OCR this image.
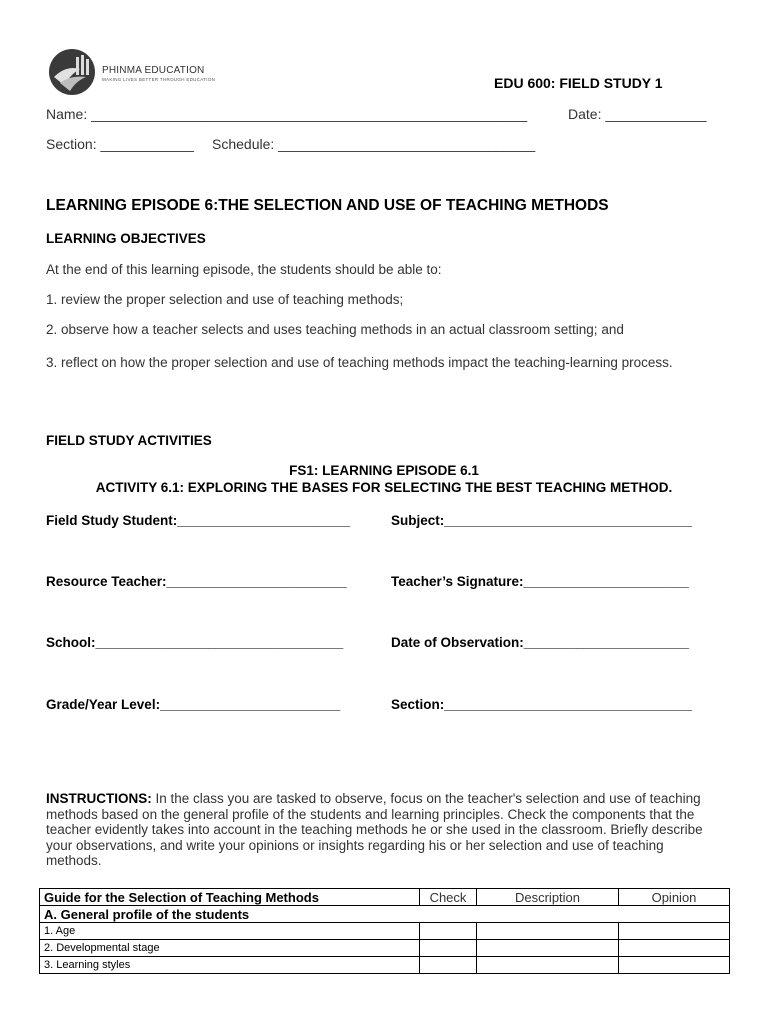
PHINMA EDUCATION
MAKING LIVES BETTER THROUGH EDUCATION	EDU 600: FIELD STUDY 1
Name: ________________________________________________________	Date: _____________
Section: ____________ Schedule: _________________________________
LEARNING EPISODE 6:THE SELECTION AND USE OF TEACHING METHODS
LEARNING OBJECTIVES
At the end of this learning episode, the students should be able to:
1. review the proper selection and use of teaching methods;
2. observe how a teacher selects and uses teaching methods in an actual classroom setting; and
3. reflect on how the proper selection and use of teaching methods impact the teaching-learning process.
FIELD STUDY ACTIVITIES
FS1: LEARNING EPISODE 6.1
ACTIVITY 6.1: EXPLORING THE BASES FOR SELECTING THE BEST TEACHING METHOD.
Field Study Student:_______________________	Subject:_________________________________
Resource Teacher:________________________	Teacher’s Signature:______________________
School:_________________________________	Date of Observation:______________________
Grade/Year Level:________________________	Section:_________________________________
INSTRUCTIONS: In the class you are tasked to observe, focus on the teacher's selection and use of teaching methods based on the general profile of the students and learning principles. Check the components that the teacher evidently takes into account in the teaching methods he or she used in the classroom. Briefly describe your observations, and write your opinions or insights regarding his or her selection and use of teaching methods.
Guide for the Selection of Teaching Methods	Check	Description	Opinion
A. General profile of the students			
1. Age			
2. Developmental stage			
3. Learning styles			
